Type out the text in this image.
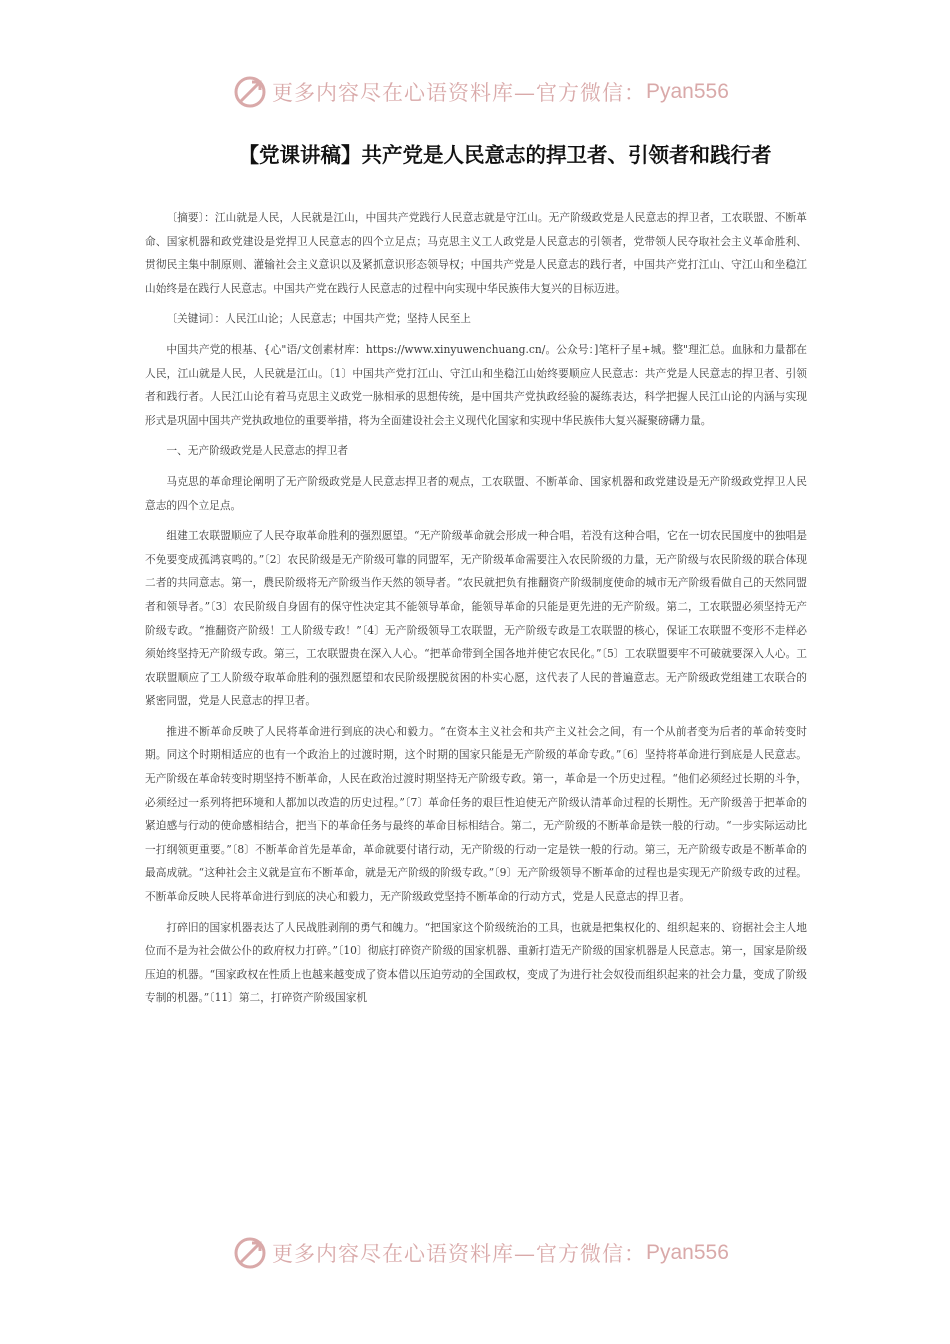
更多内容尽在心语资料库—官方微信： Pyan556
【党课讲稿】共产党是人民意志的捍卫者、引领者和践行者

〔摘要〕：江山就是人民，人民就是江山，中国共产党践行人民意志就是守江山。无产阶级政党是人民意志的捍卫者，工农联盟、不断革命、国家机器和政党建设是党捍卫人民意志的四个立足点；马克思主义工人政党是人民意志的引领者，党带领人民夺取社会主义革命胜利、贯彻民主集中制原则、灌输社会主义意识以及紧抓意识形态领导权；中国共产党是人民意志的践行者，中国共产党打江山、守江山和坐稳江山始终是在践行人民意志。中国共产党在践行人民意志的过程中向实现中华民族伟大复兴的目标迈进。

〔关键词〕：人民江山论；人民意志；中国共产党；坚持人民至上

中国共产党的根基、{心"语/文创素材库：https://www.xinyuwenchuang.cn/。公众号：]笔杆子星+城。整"理汇总。血脉和力量都在人民，江山就是人民，人民就是江山。〔1〕中国共产党打江山、守江山和坐稳江山始终要顺应人民意志：共产党是人民意志的捍卫者、引领者和践行者。人民江山论有着马克思主义政党一脉相承的思想传统，是中国共产党执政经验的凝练表达，科学把握人民江山论的内涵与实现形式是巩固中国共产党执政地位的重要举措，将为全面建设社会主义现代化国家和实现中华民族伟大复兴凝聚磅礴力量。

一、无产阶级政党是人民意志的捍卫者

马克思的革命理论阐明了无产阶级政党是人民意志捍卫者的观点，工农联盟、不断革命、国家机器和政党建设是无产阶级政党捍卫人民意志的四个立足点。

组建工农联盟顺应了人民夺取革命胜利的强烈愿望。“无产阶级革命就会形成一种合唱，若没有这种合唱，它在一切农民国度中的独唱是不免要变成孤鸿哀鸣的。”〔2〕农民阶级是无产阶级可靠的同盟军，无产阶级革命需要注入农民阶级的力量，无产阶级与农民阶级的联合体现二者的共同意志。第一，農民阶级将无产阶级当作天然的领导者。“农民就把负有推翻资产阶级制度使命的城市无产阶级看做自己的天然同盟者和领导者。”〔3〕农民阶级自身固有的保守性决定其不能领导革命，能领导革命的只能是更先进的无产阶级。第二，工农联盟必须坚持无产阶级专政。“推翻资产阶级！工人阶级专政！”〔4〕无产阶级领导工农联盟，无产阶级专政是工农联盟的核心，保证工农联盟不变形不走样必须始终坚持无产阶级专政。第三，工农联盟贵在深入人心。“把革命带到全国各地并使它农民化。”〔5〕工农联盟要牢不可破就要深入人心。工农联盟顺应了工人阶级夺取革命胜利的强烈愿望和农民阶级摆脱贫困的朴实心愿，这代表了人民的普遍意志。无产阶级政党组建工农联合的紧密同盟，党是人民意志的捍卫者。

推进不断革命反映了人民将革命进行到底的决心和毅力。“在资本主义社会和共产主义社会之间，有一个从前者变为后者的革命转变时期。同这个时期相适应的也有一个政治上的过渡时期，这个时期的国家只能是无产阶级的革命专政。”〔6〕坚持将革命进行到底是人民意志。无产阶级在革命转变时期坚持不断革命，人民在政治过渡时期坚持无产阶级专政。第一，革命是一个历史过程。“他们必须经过长期的斗争，必须经过一系列将把环境和人都加以改造的历史过程。”〔7〕革命任务的艰巨性迫使无产阶级认清革命过程的长期性。无产阶级善于把革命的紧迫感与行动的使命感相结合，把当下的革命任务与最终的革命目标相结合。第二，无产阶级的不断革命是铁一般的行动。“一步实际运动比一打纲领更重要。”〔8〕不断革命首先是革命，革命就要付诸行动，无产阶级的行动一定是铁一般的行动。第三，无产阶级专政是不断革命的最高成就。“这种社会主义就是宣布不断革命，就是无产阶级的阶级专政。”〔9〕无产阶级领导不断革命的过程也是实现无产阶级专政的过程。不断革命反映人民将革命进行到底的决心和毅力，无产阶级政党坚持不断革命的行动方式，党是人民意志的捍卫者。

打碎旧的国家机器表达了人民战胜剥削的勇气和魄力。“把国家这个阶级统治的工具，也就是把集权化的、组织起来的、窃据社会主人地位而不是为社会做公仆的政府权力打碎。”〔10〕彻底打碎资产阶级的国家机器、重新打造无产阶级的国家机器是人民意志。第一，国家是阶级压迫的机器。“国家政权在性质上也越来越变成了资本借以压迫劳动的全国政权，变成了为进行社会奴役而组织起来的社会力量，变成了阶级专制的机器。”〔11〕第二，打碎资产阶级国家机

更多内容尽在心语资料库—官方微信： Pyan556
